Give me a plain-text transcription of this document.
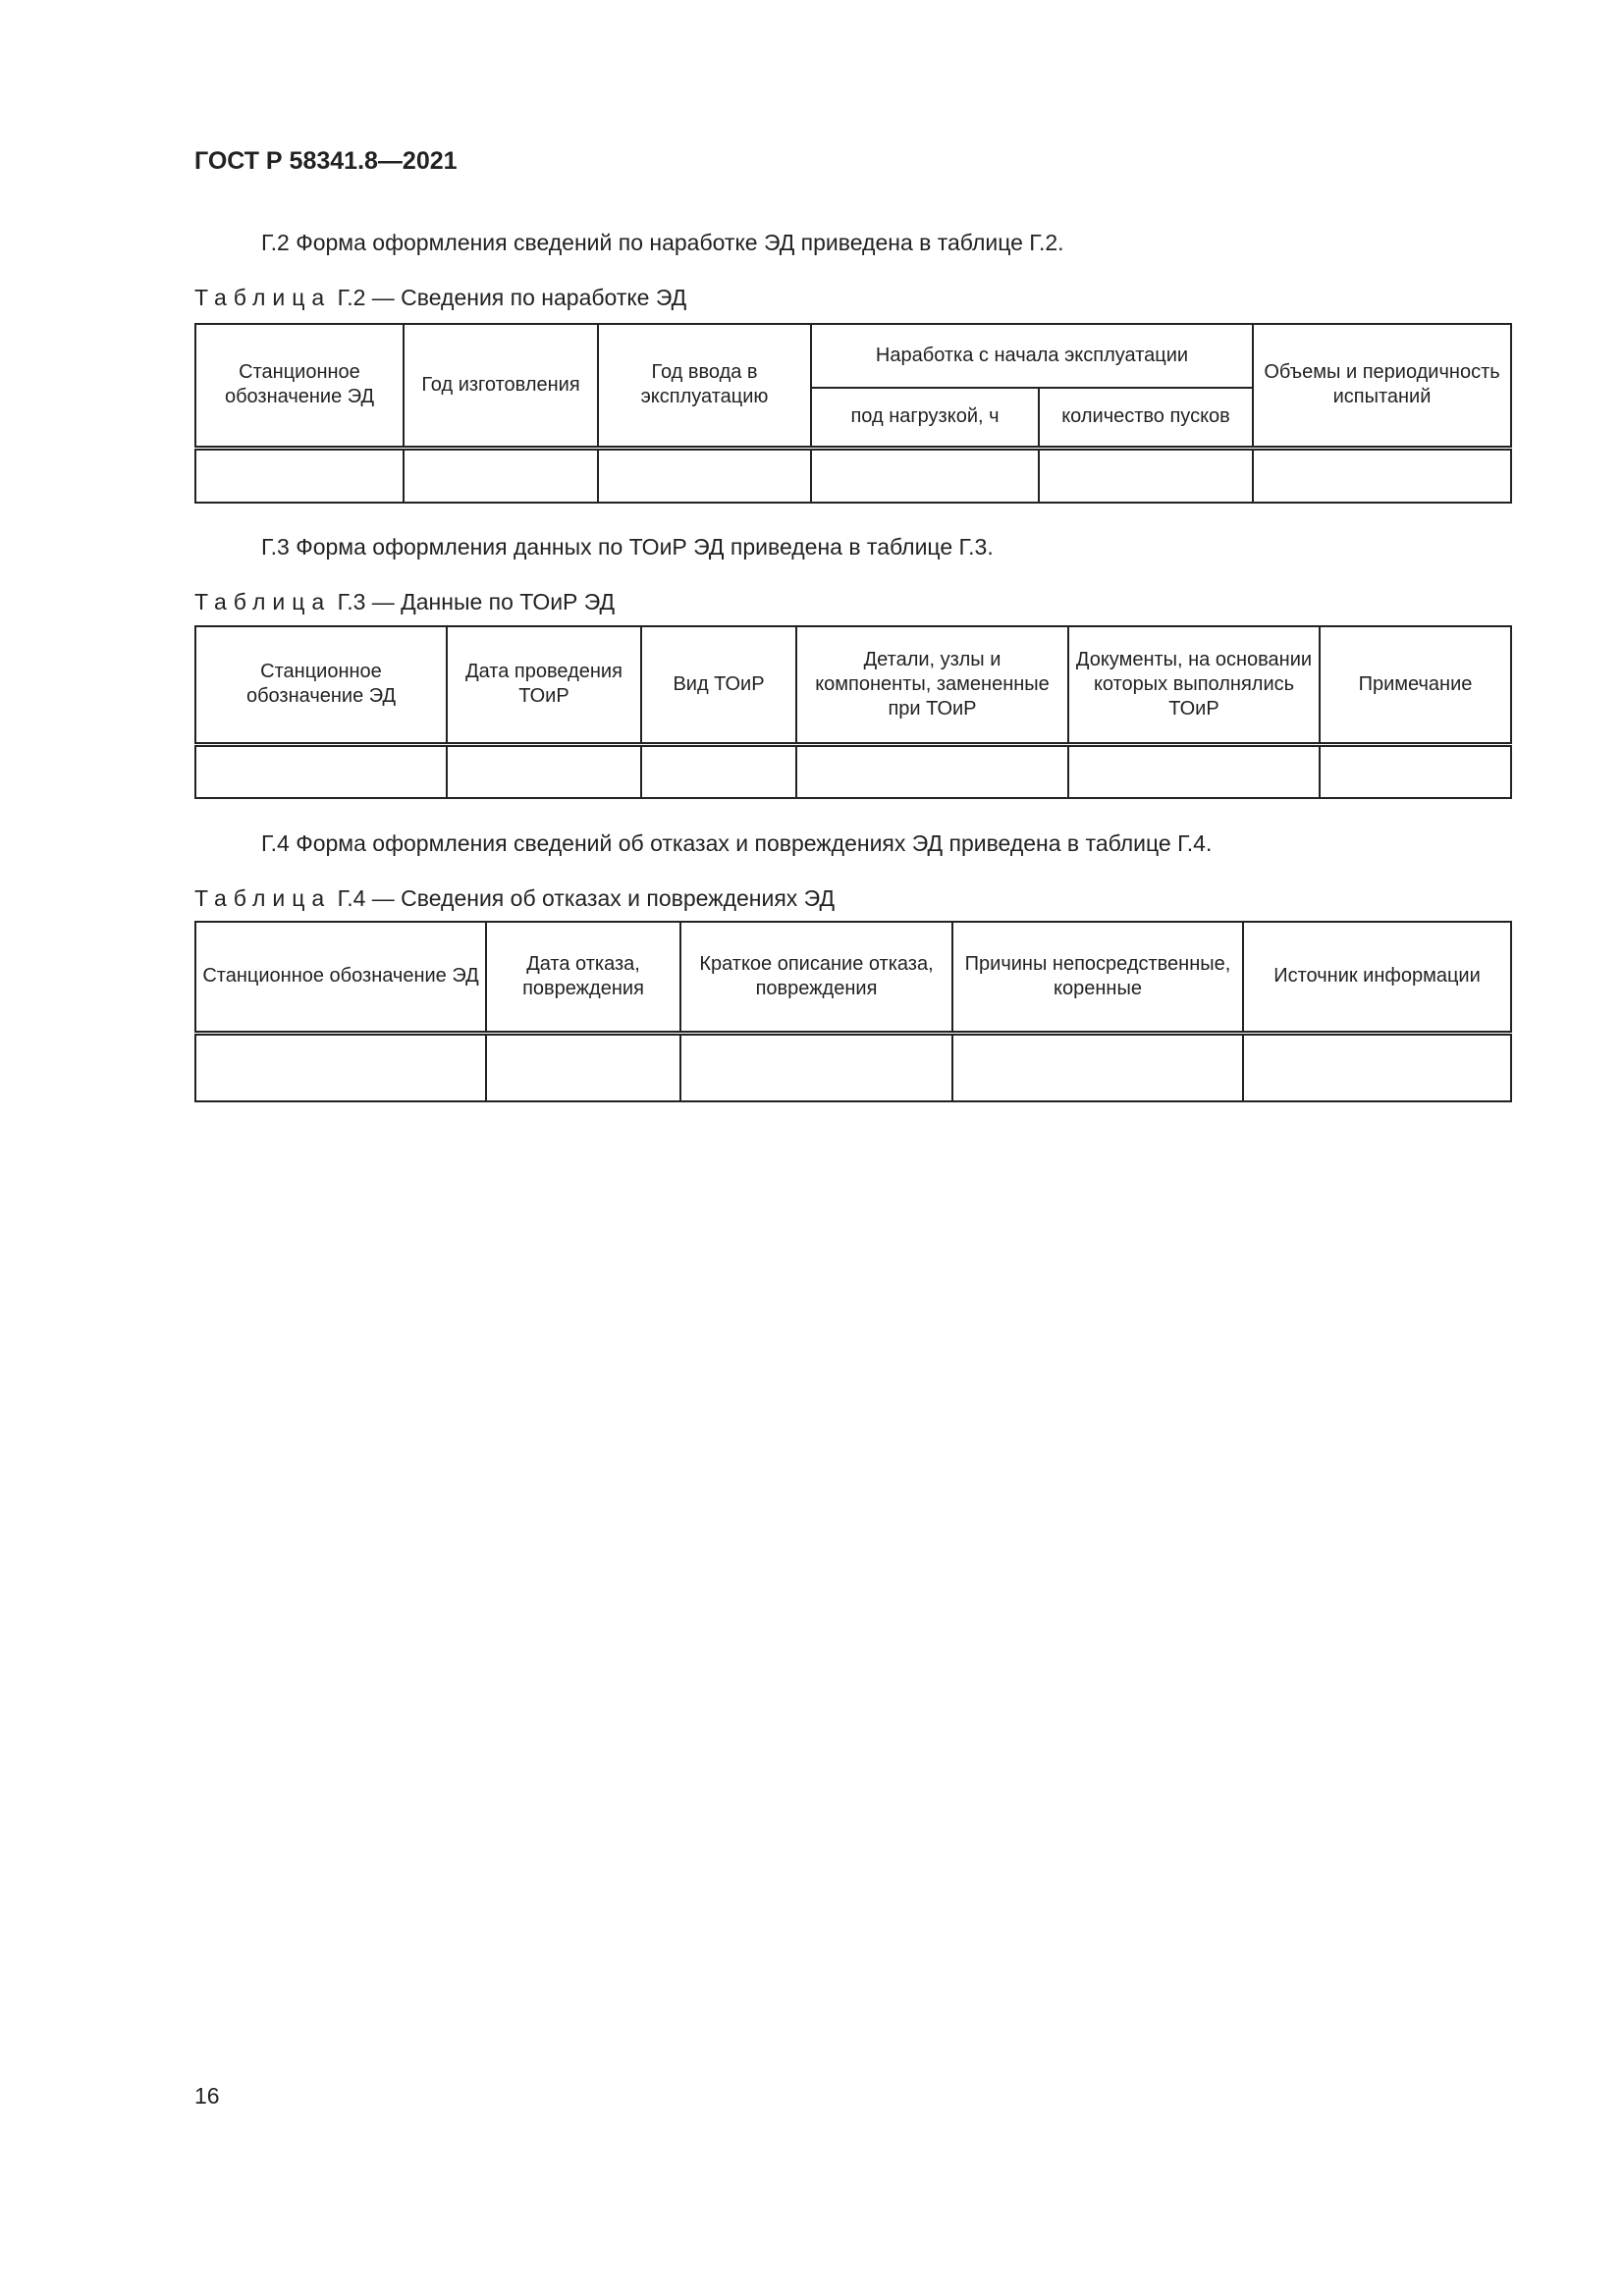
ГОСТ Р 58341.8—2021

Г.2 Форма оформления сведений по наработке ЭД приведена в таблице Г.2.

Таблица Г.2 — Сведения по наработке ЭД

Станционное обозначение ЭД	Год изготовления	Год ввода в эксплуатацию	Наработка с начала эксплуатации		Объемы и периодичность испытаний
			под нагрузкой, ч	количество пусков	

Г.3 Форма оформления данных по ТОиР ЭД приведена в таблице Г.3.

Таблица Г.3 — Данные по ТОиР ЭД

Станционное обозначение ЭД	Дата проведения ТОиР	Вид ТОиР	Детали, узлы и компоненты, замененные при ТОиР	Документы, на основании которых выполнялись ТОиР	Примечание

Г.4 Форма оформления сведений об отказах и повреждениях ЭД приведена в таблице Г.4.

Таблица Г.4 — Сведения об отказах и повреждениях ЭД

Станционное обозначение ЭД	Дата отказа, повреждения	Краткое описание отказа, повреждения	Причины непосредственные, коренные	Источник информации

16
